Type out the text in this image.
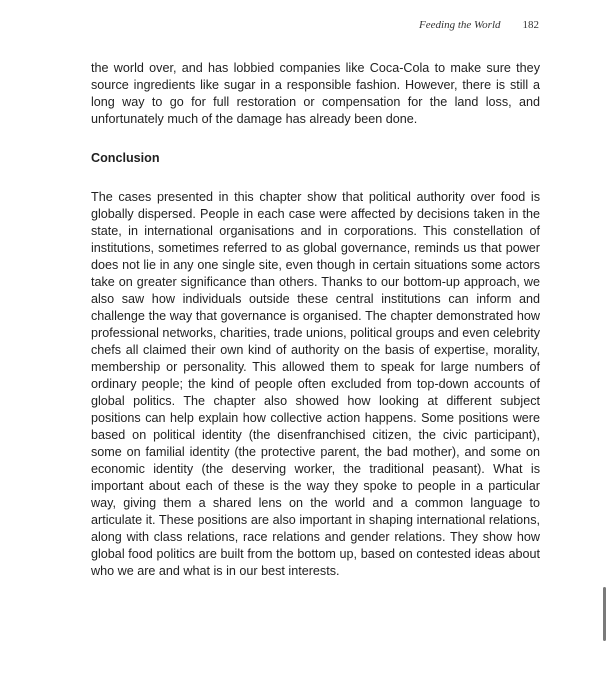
Feeding the World 182

the world over, and has lobbied companies like Coca-Cola to make sure they source ingredients like sugar in a responsible fashion. However, there is still a long way to go for full restoration or compensation for the land loss, and unfortunately much of the damage has already been done.

Conclusion

The cases presented in this chapter show that political authority over food is globally dispersed. People in each case were affected by decisions taken in the state, in international organisations and in corporations. This constellation of institutions, sometimes referred to as global governance, reminds us that power does not lie in any one single site, even though in certain situations some actors take on greater significance than others. Thanks to our bottom-up approach, we also saw how individuals outside these central institutions can inform and challenge the way that governance is organised. The chapter demonstrated how professional networks, charities, trade unions, political groups and even celebrity chefs all claimed their own kind of authority on the basis of expertise, morality, membership or personality. This allowed them to speak for large numbers of ordinary people; the kind of people often excluded from top-down accounts of global politics. The chapter also showed how looking at different subject positions can help explain how collective action happens. Some positions were based on political identity (the disenfranchised citizen, the civic participant), some on familial identity (the protective parent, the bad mother), and some on economic identity (the deserving worker, the traditional peasant). What is important about each of these is the way they spoke to people in a particular way, giving them a shared lens on the world and a common language to articulate it. These positions are also important in shaping international relations, along with class relations, race relations and gender relations. They show how global food politics are built from the bottom up, based on contested ideas about who we are and what is in our best interests.
